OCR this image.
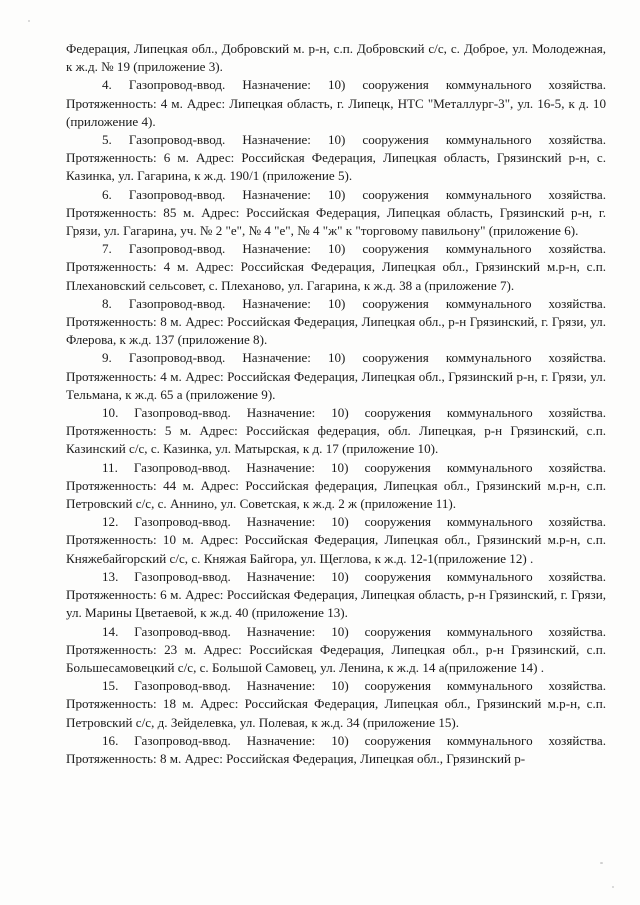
Федерация, Липецкая обл., Добровский м. р-н, с.п. Добровский с/с, с. Доброе, ул. Молодежная, к ж.д. № 19 (приложение 3).

4. Газопровод-ввод. Назначение: 10) сооружения коммунального хозяйства. Протяженность: 4 м. Адрес: Липецкая область, г. Липецк, НТС "Металлург-3", ул. 16-5, к д. 10 (приложение 4).

5. Газопровод-ввод. Назначение: 10) сооружения коммунального хозяйства. Протяженность: 6 м. Адрес: Российская Федерация, Липецкая область, Грязинский р-н, с. Казинка, ул. Гагарина, к ж.д. 190/1 (приложение 5).

6. Газопровод-ввод. Назначение: 10) сооружения коммунального хозяйства. Протяженность: 85 м. Адрес: Российская Федерация, Липецкая область, Грязинский р-н, г. Грязи, ул. Гагарина, уч. № 2 "е", № 4 "е", № 4 "ж" к "торговому павильону" (приложение 6).

7. Газопровод-ввод. Назначение: 10) сооружения коммунального хозяйства. Протяженность: 4 м. Адрес: Российская Федерация, Липецкая обл., Грязинский м.р-н, с.п. Плехановский сельсовет, с. Плеханово, ул. Гагарина, к ж.д. 38 а (приложение 7).

8. Газопровод-ввод. Назначение: 10) сооружения коммунального хозяйства. Протяженность: 8 м. Адрес: Российская Федерация, Липецкая обл., р-н Грязинский, г. Грязи, ул. Флерова, к ж.д. 137 (приложение 8).

9. Газопровод-ввод. Назначение: 10) сооружения коммунального хозяйства. Протяженность: 4 м. Адрес: Российская Федерация, Липецкая обл., Грязинский р-н, г. Грязи, ул. Тельмана, к ж.д. 65 а (приложение 9).

10. Газопровод-ввод. Назначение: 10) сооружения коммунального хозяйства. Протяженность: 5 м. Адрес: Российская федерация, обл. Липецкая, р-н Грязинский, с.п. Казинский с/с, с. Казинка, ул. Матырская, к д. 17 (приложение 10).

11. Газопровод-ввод. Назначение: 10) сооружения коммунального хозяйства. Протяженность: 44 м. Адрес: Российская федерация, Липецкая обл., Грязинский м.р-н, с.п. Петровский с/с, с. Аннино, ул. Советская, к ж.д. 2 ж (приложение 11).

12. Газопровод-ввод. Назначение: 10) сооружения коммунального хозяйства. Протяженность: 10 м. Адрес: Российская Федерация, Липецкая обл., Грязинский м.р-н, с.п. Княжебайгорский с/с, с. Княжая Байгора, ул. Щеглова, к ж.д. 12-1(приложение 12) .

13. Газопровод-ввод. Назначение: 10) сооружения коммунального хозяйства. Протяженность: 6 м. Адрес: Российская Федерация, Липецкая область, р-н Грязинский, г. Грязи, ул. Марины Цветаевой, к ж.д. 40 (приложение 13).

14. Газопровод-ввод. Назначение: 10) сооружения коммунального хозяйства. Протяженность: 23 м. Адрес: Российская Федерация, Липецкая обл., р-н Грязинский, с.п. Большесамовецкий с/с, с. Большой Самовец, ул. Ленина, к ж.д. 14 а(приложение 14) .

15. Газопровод-ввод. Назначение: 10) сооружения коммунального хозяйства. Протяженность: 18 м. Адрес: Российская Федерация, Липецкая обл., Грязинский м.р-н, с.п. Петровский с/с, д. Зейделевка, ул. Полевая, к ж.д. 34 (приложение 15).

16. Газопровод-ввод. Назначение: 10) сооружения коммунального хозяйства. Протяженность: 8 м. Адрес: Российская Федерация, Липецкая обл., Грязинский р-
